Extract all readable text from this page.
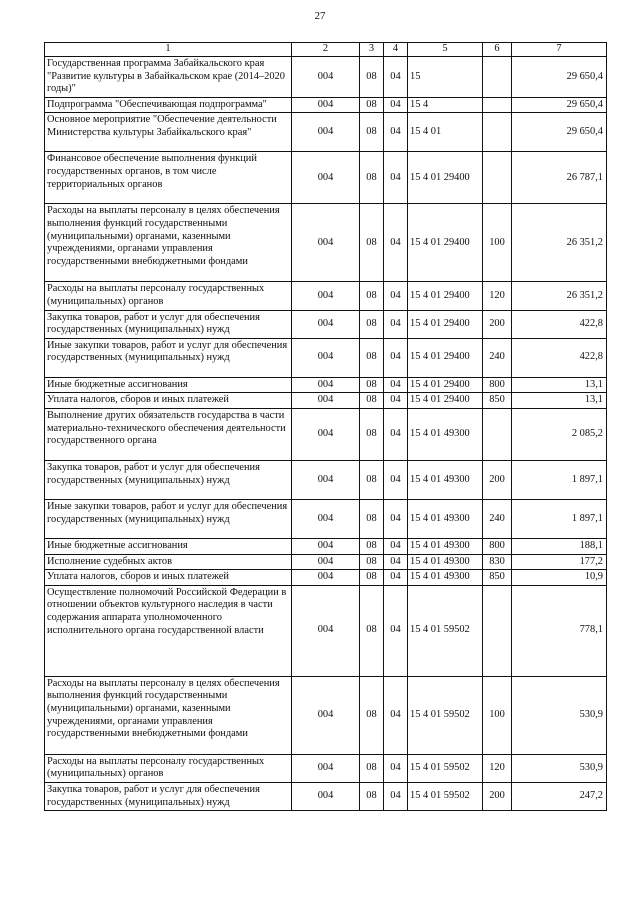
27
1	2	3	4	5	6	7
Государственная программа Забайкальского края "Развитие культуры в Забайкальском крае (2014–2020 годы)"	004	08	04	15		29 650,4
Подпрограмма "Обеспечивающая подпрограмма"	004	08	04	15 4		29 650,4
Основное мероприятие "Обеспечение деятельности Министерства культуры Забайкальского края"	004	08	04	15 4 01		29 650,4
Финансовое обеспечение выполнения функций государственных органов, в том числе территориальных органов	004	08	04	15 4 01 29400		26 787,1
Расходы на выплаты персоналу в целях обеспечения выполнения функций государственными (муниципальными) органами, казенными учреждениями, органами управления государственными внебюджетными фондами	004	08	04	15 4 01 29400	100	26 351,2
Расходы на выплаты персоналу государственных (муниципальных) органов	004	08	04	15 4 01 29400	120	26 351,2
Закупка товаров, работ и услуг для обеспечения государственных (муниципальных) нужд	004	08	04	15 4 01 29400	200	422,8
Иные закупки товаров, работ и услуг для обеспечения государственных (муниципальных) нужд	004	08	04	15 4 01 29400	240	422,8
Иные бюджетные ассигнования	004	08	04	15 4 01 29400	800	13,1
Уплата налогов, сборов и иных платежей	004	08	04	15 4 01 29400	850	13,1
Выполнение других обязательств государства в части материально-технического обеспечения деятельности государственного органа	004	08	04	15 4 01 49300		2 085,2
Закупка товаров, работ и услуг для обеспечения государственных (муниципальных) нужд	004	08	04	15 4 01 49300	200	1 897,1
Иные закупки товаров, работ и услуг для обеспечения государственных (муниципальных) нужд	004	08	04	15 4 01 49300	240	1 897,1
Иные бюджетные ассигнования	004	08	04	15 4 01 49300	800	188,1
Исполнение судебных актов	004	08	04	15 4 01 49300	830	177,2
Уплата налогов, сборов и иных платежей	004	08	04	15 4 01 49300	850	10,9
Осуществление полномочий Российской Федерации в отношении объектов культурного наследия в части содержания аппарата уполномоченного исполнительного органа государственной власти	004	08	04	15 4 01 59502		778,1
Расходы на выплаты персоналу в целях обеспечения выполнения функций государственными (муниципальными) органами, казенными учреждениями, органами управления государственными внебюджетными фондами	004	08	04	15 4 01 59502	100	530,9
Расходы на выплаты персоналу государственных (муниципальных) органов	004	08	04	15 4 01 59502	120	530,9
Закупка товаров, работ и услуг для обеспечения государственных (муниципальных) нужд	004	08	04	15 4 01 59502	200	247,2
